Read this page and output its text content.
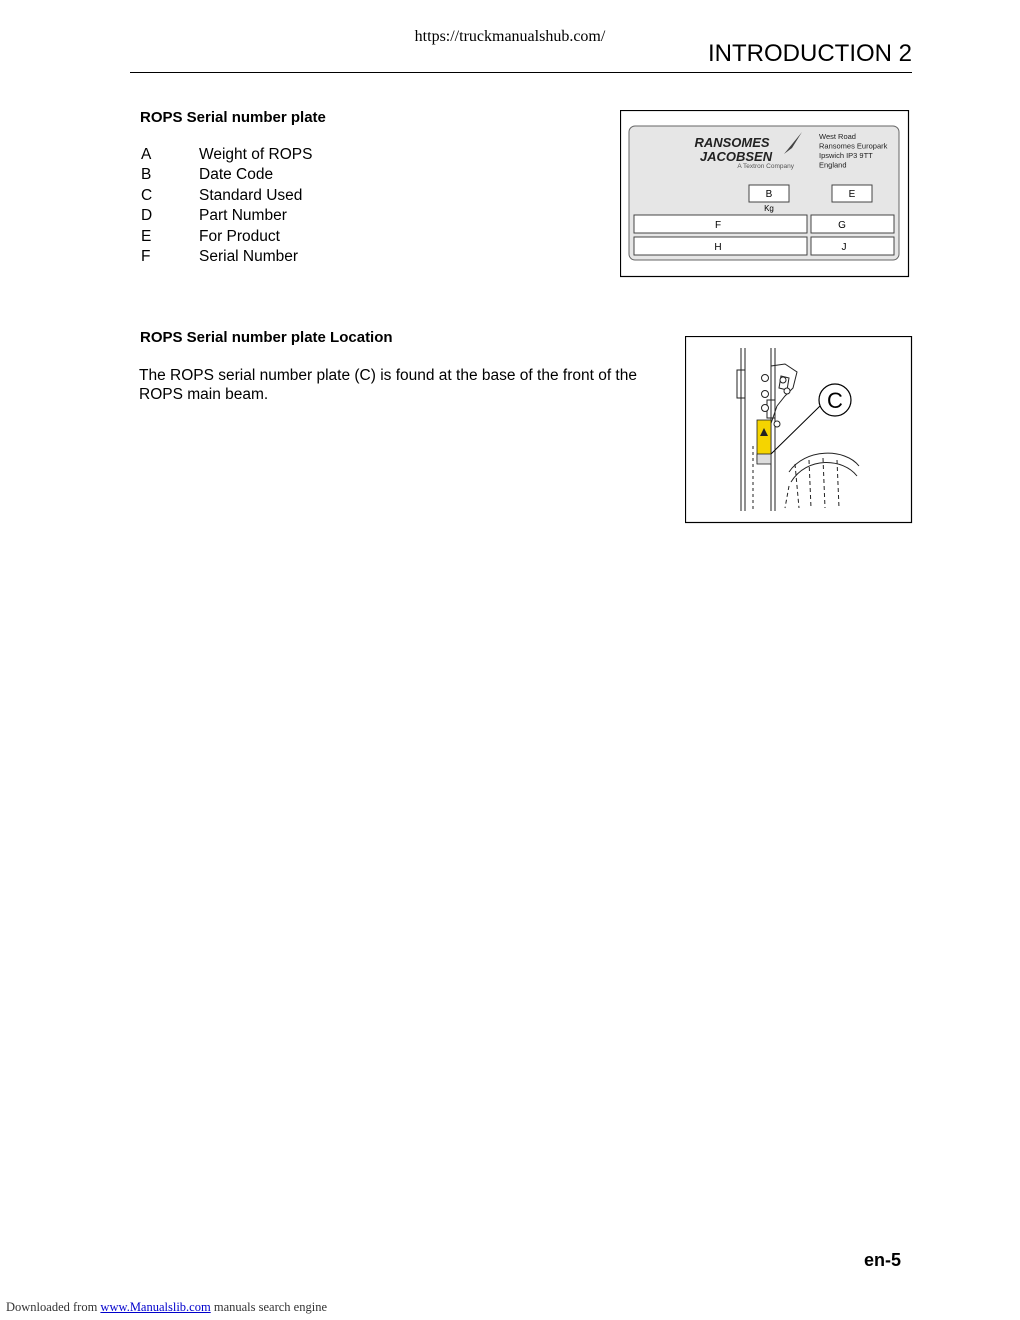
https://truckmanualshub.com/
INTRODUCTION 2
ROPS Serial number plate
A	Weight of ROPS
B	Date Code
C	Standard Used
D	Part Number
E	For Product
F	Serial Number
RANSOMES
JACOBSEN
A Textron Company
West Road
Ransomes Europark
Ipswich IP3 9TT
England
B
Kg
E
F	G
H	J
ROPS Serial number plate Location
The ROPS serial number plate (C) is found at the base of the front of the ROPS main beam.	C
en-5
Downloaded from www.Manualslib.com manuals search engine
